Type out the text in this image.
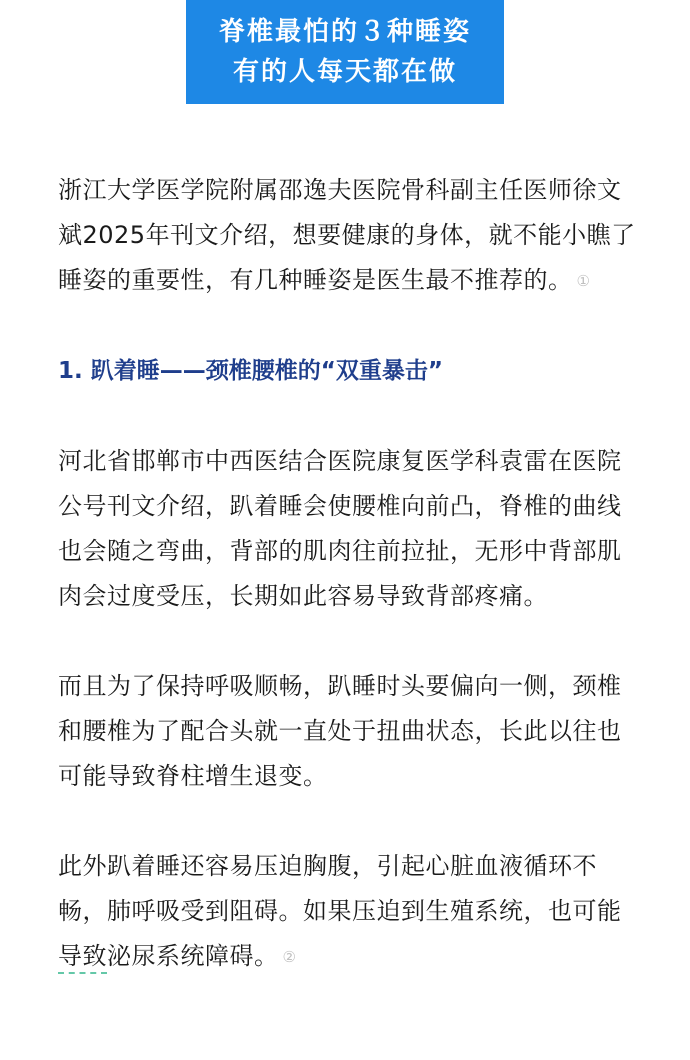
脊椎最怕的３种睡姿
有的人每天都在做

浙江大学医学院附属邵逸夫医院骨科副主任医师徐文斌2025年刊文介绍，想要健康的身体，就不能小瞧了睡姿的重要性，有几种睡姿是医生最不推荐的。 ①

1. 趴着睡——颈椎腰椎的“双重暴击”

河北省邯郸市中西医结合医院康复医学科袁雷在医院公号刊文介绍，趴着睡会使腰椎向前凸，脊椎的曲线也会随之弯曲，背部的肌肉往前拉扯，无形中背部肌肉会过度受压，长期如此容易导致背部疼痛。

而且为了保持呼吸顺畅，趴睡时头要偏向一侧，颈椎和腰椎为了配合头就一直处于扭曲状态，长此以往也可能导致脊柱增生退变。

此外趴着睡还容易压迫胸腹，引起心脏血液循环不畅，肺呼吸受到阻碍。如果压迫到生殖系统，也可能导致泌尿系统障碍。 ②
